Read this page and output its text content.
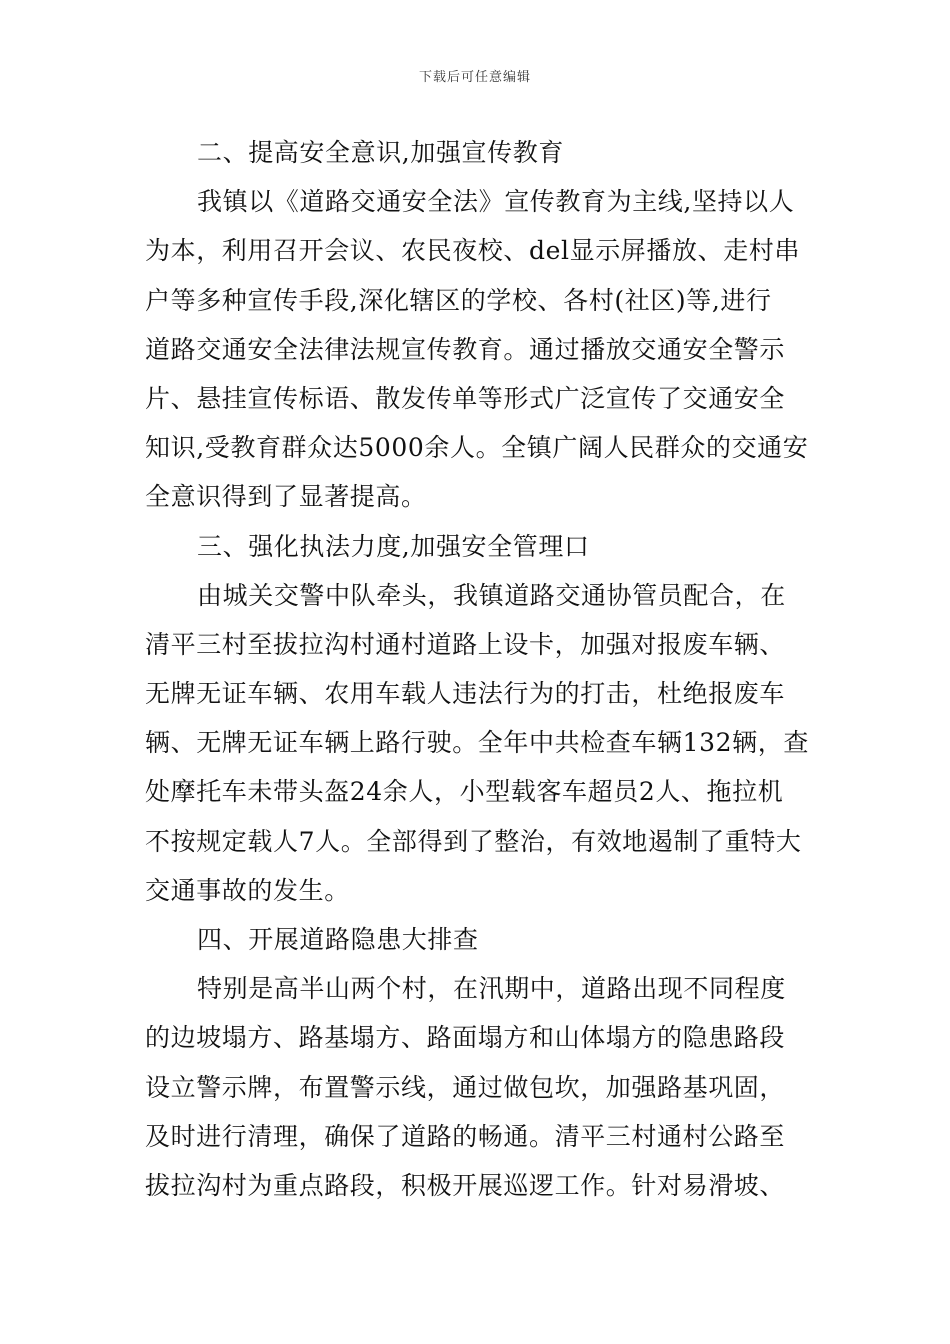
下载后可任意编辑
二、提高安全意识,加强宣传教育
我镇以《道路交通安全法》宣传教育为主线,坚持以人
为本，利用召开会议、农民夜校、del显示屏播放、走村串
户等多种宣传手段,深化辖区的学校、各村(社区)等,进行
道路交通安全法律法规宣传教育。通过播放交通安全警示
片、悬挂宣传标语、散发传单等形式广泛宣传了交通安全
知识,受教育群众达5000余人。全镇广阔人民群众的交通安
全意识得到了显著提高。
三、强化执法力度,加强安全管理口
由城关交警中队牵头，我镇道路交通协管员配合，在
清平三村至拔拉沟村通村道路上设卡，加强对报废车辆、
无牌无证车辆、农用车载人违法行为的打击，杜绝报废车
辆、无牌无证车辆上路行驶。全年中共检查车辆132辆，查
处摩托车未带头盔24余人，小型载客车超员2人、拖拉机
不按规定载人7人。全部得到了整治，有效地遏制了重特大
交通事故的发生。
四、开展道路隐患大排查
特别是高半山两个村，在汛期中，道路出现不同程度
的边坡塌方、路基塌方、路面塌方和山体塌方的隐患路段
设立警示牌，布置警示线，通过做包坎，加强路基巩固，
及时进行清理，确保了道路的畅通。清平三村通村公路至
拔拉沟村为重点路段，积极开展巡逻工作。针对易滑坡、
